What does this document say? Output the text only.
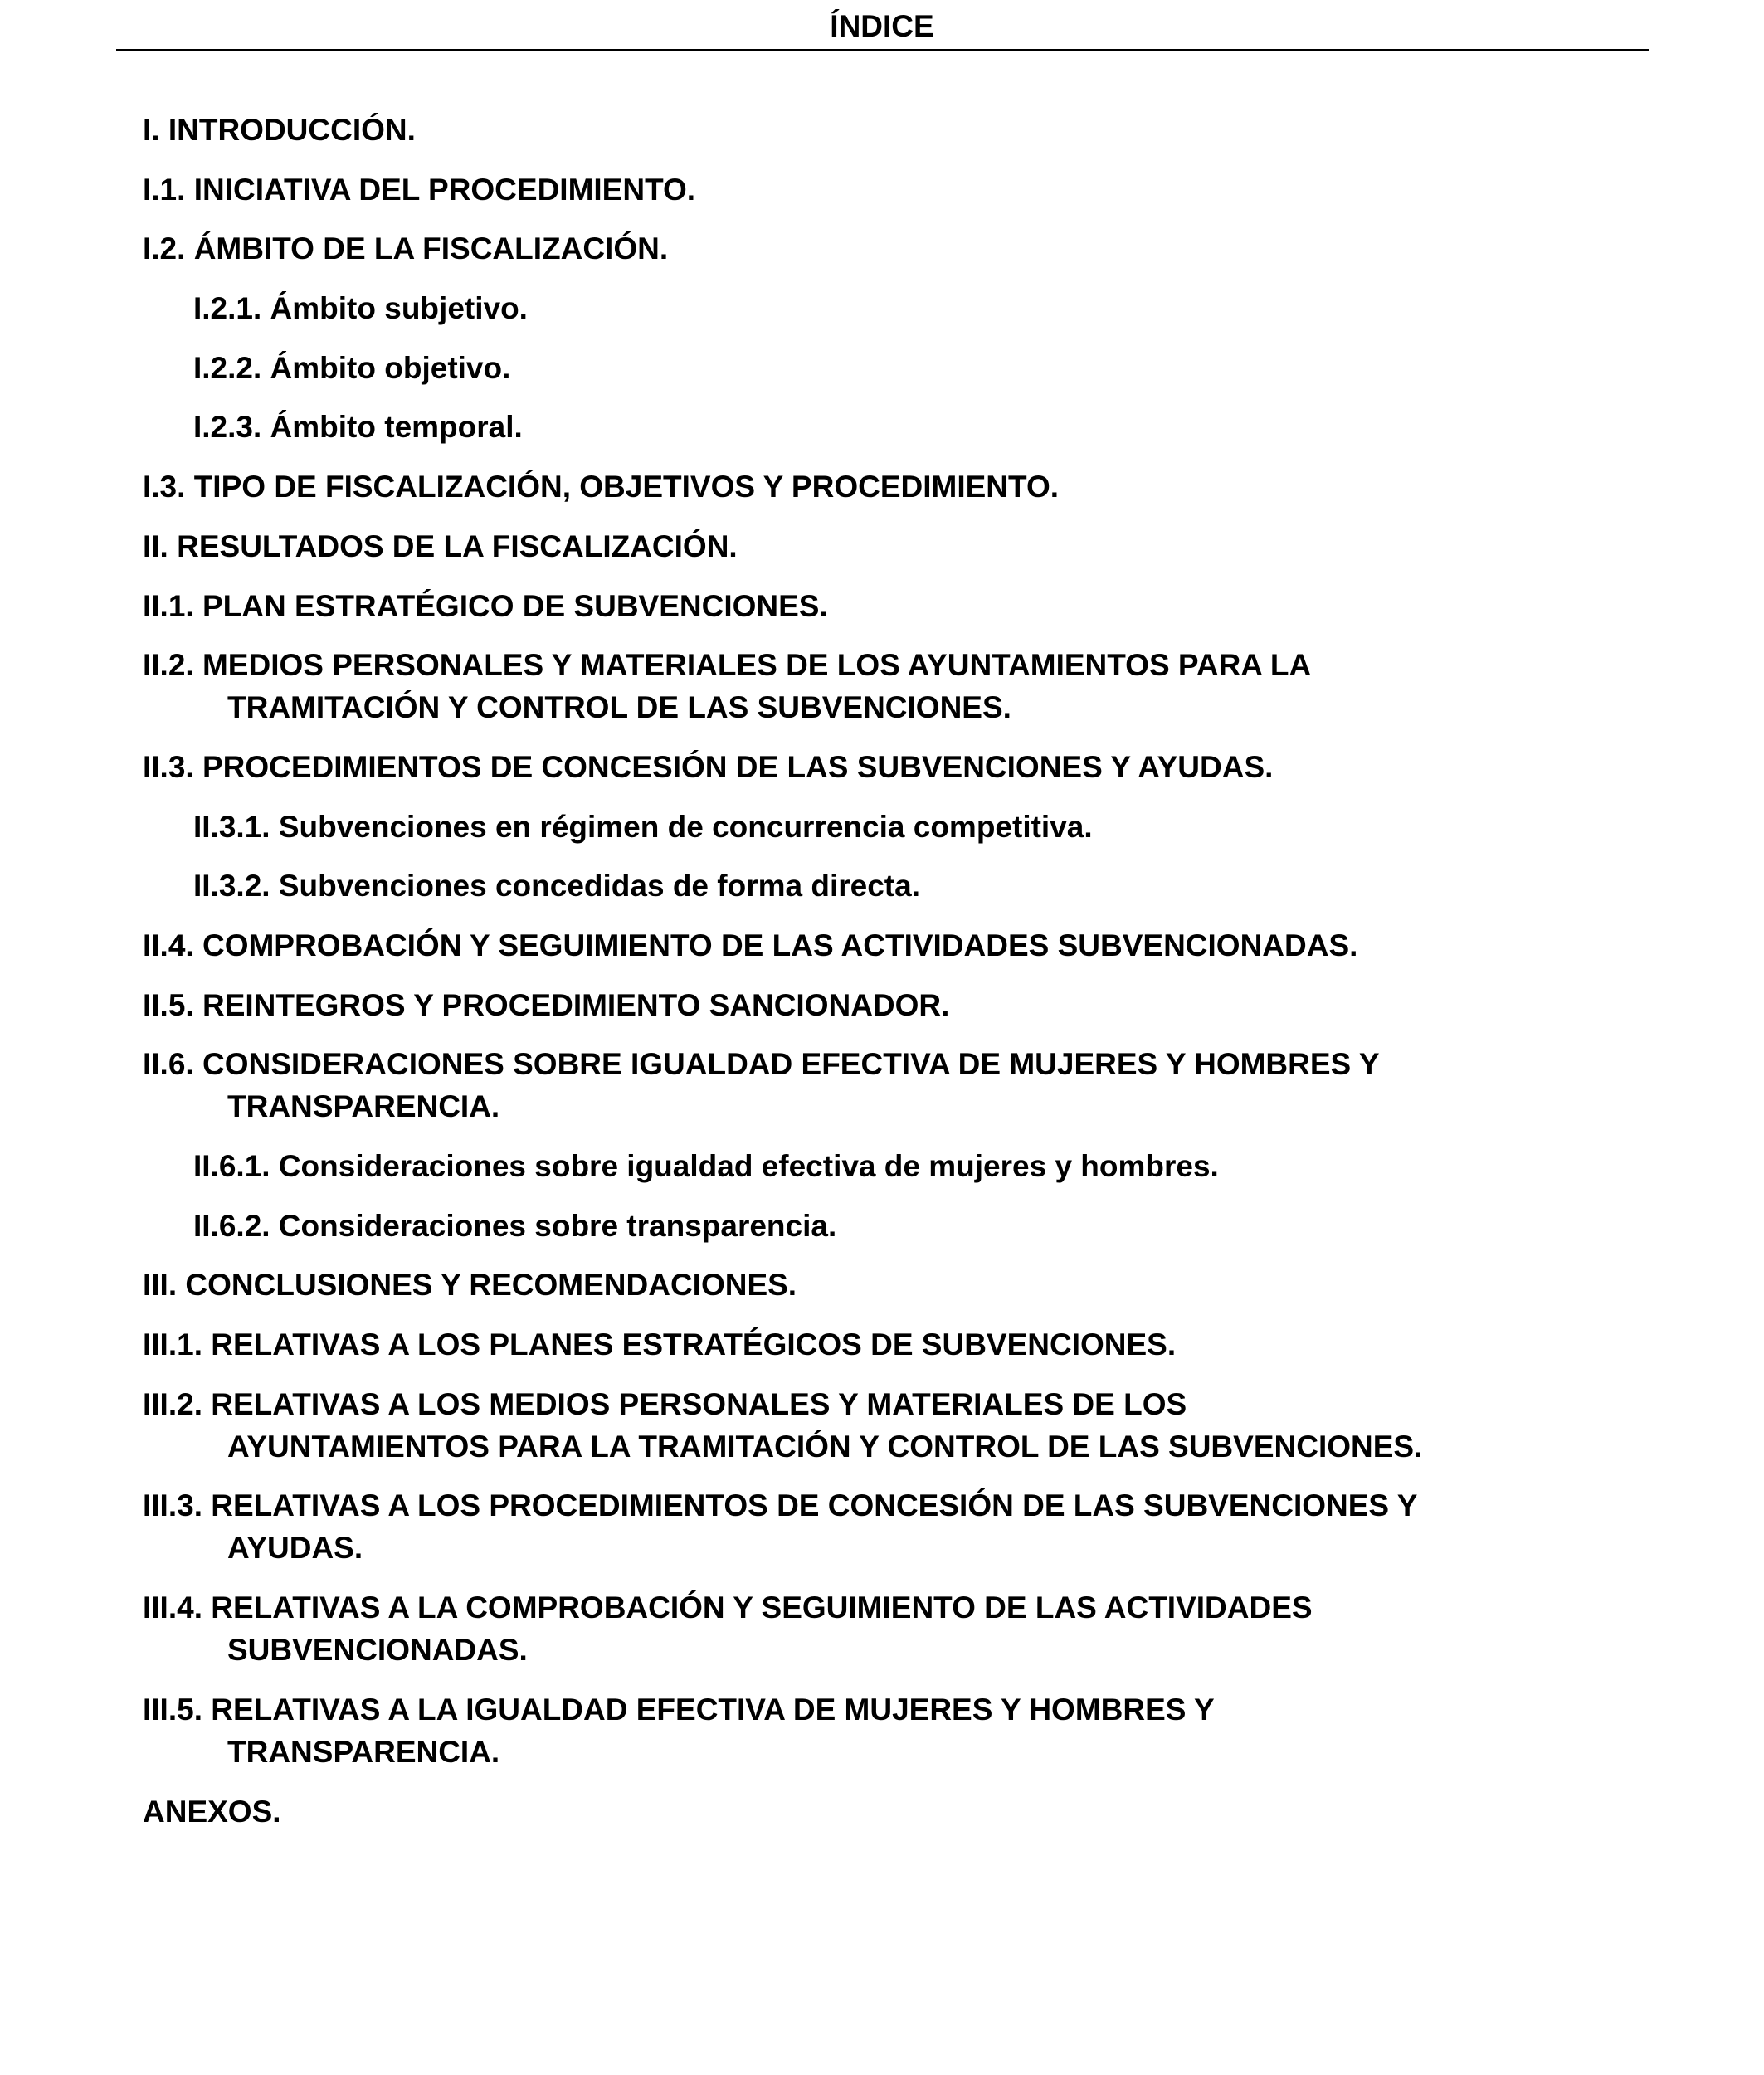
ÍNDICE
I. INTRODUCCIÓN.
I.1. INICIATIVA DEL PROCEDIMIENTO.
I.2. ÁMBITO DE LA FISCALIZACIÓN.
I.2.1. Ámbito subjetivo.
I.2.2. Ámbito objetivo.
I.2.3. Ámbito temporal.
I.3. TIPO DE FISCALIZACIÓN, OBJETIVOS Y PROCEDIMIENTO.
II. RESULTADOS DE LA FISCALIZACIÓN.
II.1. PLAN ESTRATÉGICO DE SUBVENCIONES.
II.2. MEDIOS PERSONALES Y MATERIALES DE LOS AYUNTAMIENTOS PARA LA
TRAMITACIÓN Y CONTROL DE LAS SUBVENCIONES.
II.3. PROCEDIMIENTOS DE CONCESIÓN DE LAS SUBVENCIONES Y AYUDAS.
II.3.1. Subvenciones en régimen de concurrencia competitiva.
II.3.2. Subvenciones concedidas de forma directa.
II.4. COMPROBACIÓN Y SEGUIMIENTO DE LAS ACTIVIDADES SUBVENCIONADAS.
II.5. REINTEGROS Y PROCEDIMIENTO SANCIONADOR.
II.6. CONSIDERACIONES SOBRE IGUALDAD EFECTIVA DE MUJERES Y HOMBRES Y
TRANSPARENCIA.
II.6.1. Consideraciones sobre igualdad efectiva de mujeres y hombres.
II.6.2. Consideraciones sobre transparencia.
III. CONCLUSIONES Y RECOMENDACIONES.
III.1. RELATIVAS A LOS PLANES ESTRATÉGICOS DE SUBVENCIONES.
III.2. RELATIVAS A LOS MEDIOS PERSONALES Y MATERIALES DE LOS
AYUNTAMIENTOS PARA LA TRAMITACIÓN Y CONTROL DE LAS SUBVENCIONES.
III.3. RELATIVAS A LOS PROCEDIMIENTOS DE CONCESIÓN DE LAS SUBVENCIONES Y
AYUDAS.
III.4. RELATIVAS A LA COMPROBACIÓN Y SEGUIMIENTO DE LAS ACTIVIDADES
SUBVENCIONADAS.
III.5. RELATIVAS A LA IGUALDAD EFECTIVA DE MUJERES Y HOMBRES Y
TRANSPARENCIA.
ANEXOS.
